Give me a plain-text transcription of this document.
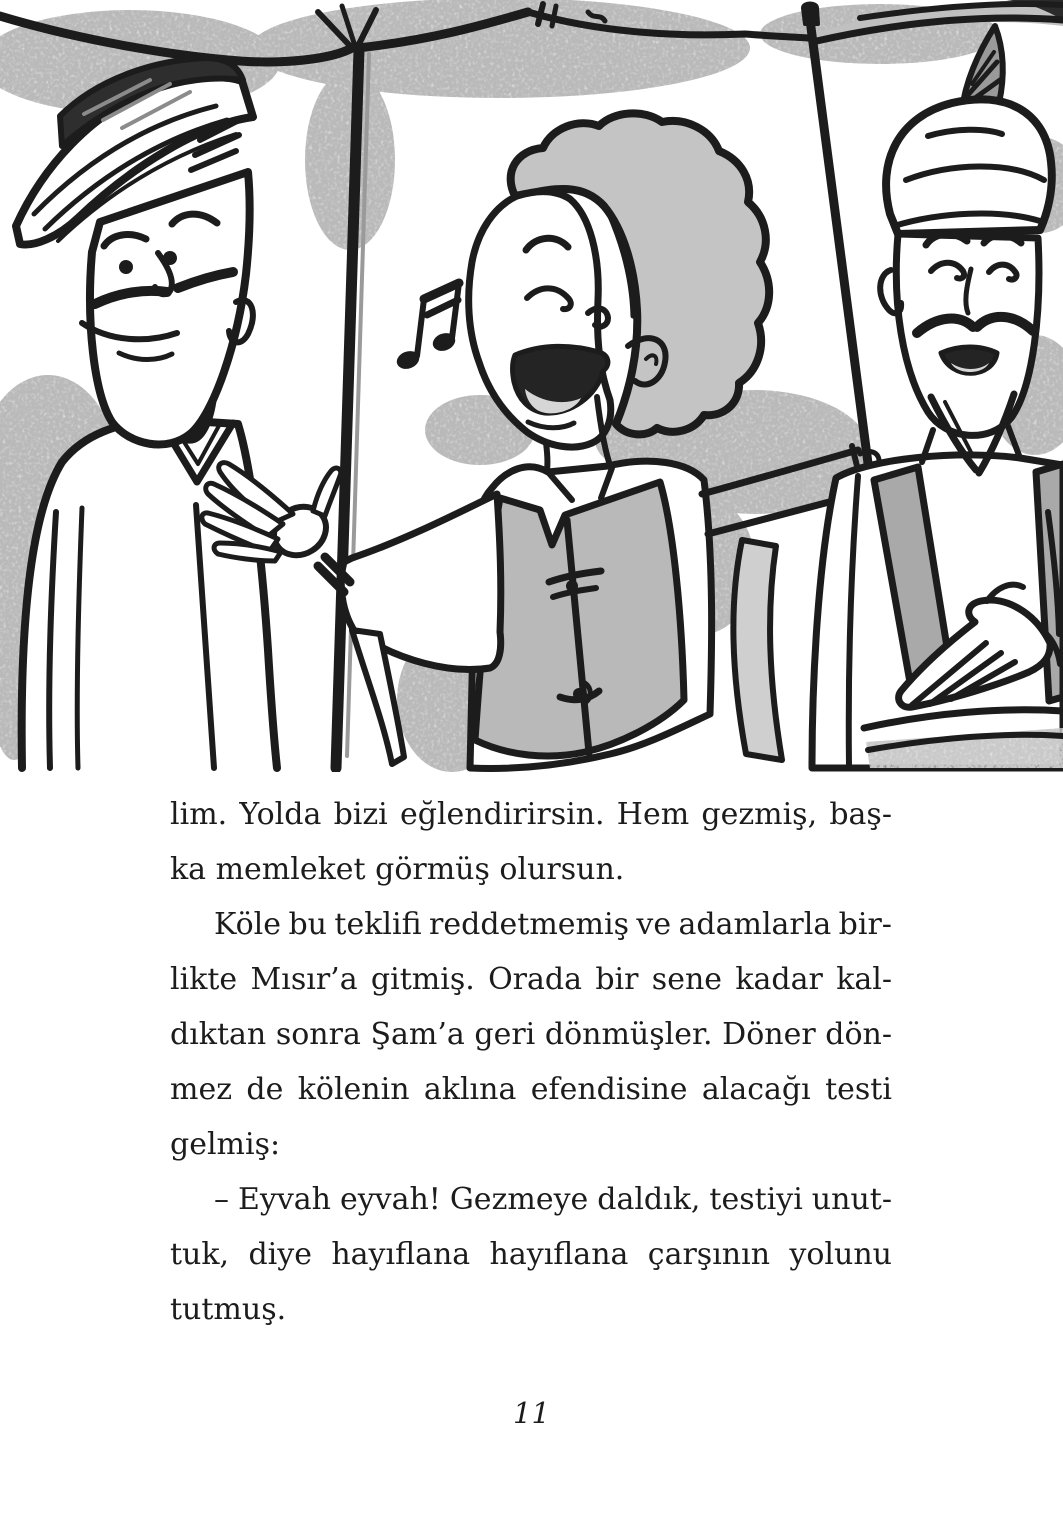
lim. Yolda bizi eğlendirirsin. Hem gezmiş, baş-
ka memleket görmüş olursun.
Köle bu teklifi reddetmemiş ve adamlarla bir-
likte Mısır’a gitmiş. Orada bir sene kadar kal-
dıktan sonra Şam’a geri dönmüşler. Döner dön-
mez de kölenin aklına efendisine alacağı testi
gelmiş:
– Eyvah eyvah! Gezmeye daldık, testiyi unut-
tuk, diye hayıflana hayıflana çarşının yolunu
tutmuş.
11
